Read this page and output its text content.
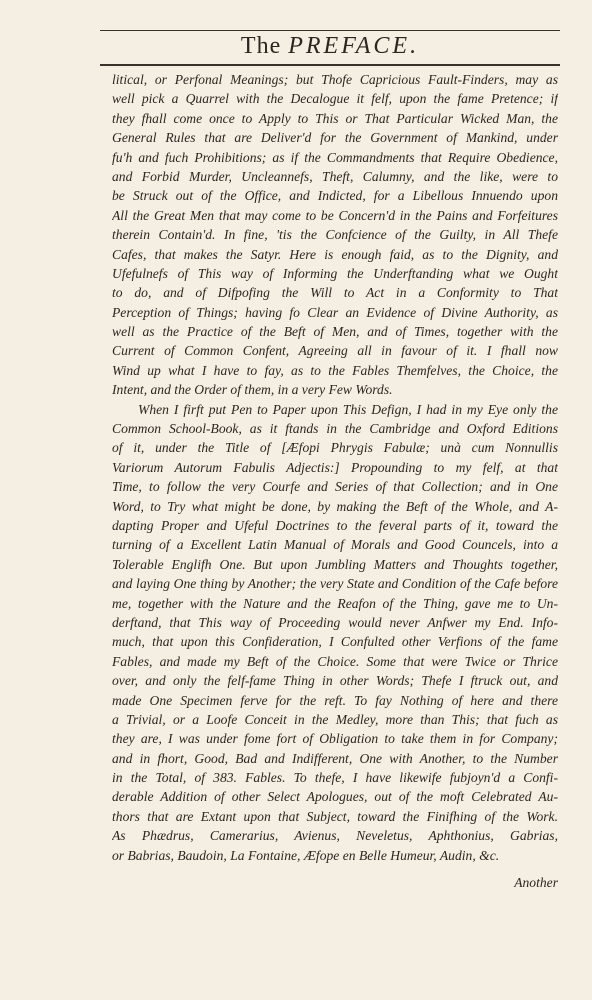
The PREFACE.
litical, or Perfonal Meanings; but Thofe Capricious Fault-Finders, may as
well pick a Quarrel with the Decalogue it felf, upon the fame Pretence; if
they fhall come once to Apply to This or That Particular Wicked Man, the
General Rules that are Deliver'd for the Government of Mankind, under
fu'h and fuch Prohibitions; as if the Commandments that Require Obedience,
and Forbid Murder, Uncleannefs, Theft, Calumny, and the like, were to
be Struck out of the Office, and Indicted, for a Libellous Innuendo upon
All the Great Men that may come to be Concern'd in the Pains and Forfeitures
therein Contain'd. In fine, 'tis the Confcience of the Guilty, in All Thefe
Cafes, that makes the Satyr. Here is enough faid, as to the Dignity, and
Ufefulnefs of This way of Informing the Underftanding what we Ought
to do, and of Difpofing the Will to Act in a Conformity to That
Perception of Things; having fo Clear an Evidence of Divine Authority, as
well as the Practice of the Beft of Men, and of Times, together with the
Current of Common Confent, Agreeing all in favour of it. I fhall now
Wind up what I have to fay, as to the Fables Themfelves, the Choice, the
Intent, and the Order of them, in a very Few Words.
When I firft put Pen to Paper upon This Defign, I had in my Eye only the
Common School-Book, as it ftands in the Cambridge and Oxford Editions
of it, under the Title of [Æfopi Phrygis Fabulæ; unà cum Nonnullis
Variorum Autorum Fabulis Adjectis:] Propounding to my felf, at that
Time, to follow the very Courfe and Series of that Collection; and in One
Word, to Try what might be done, by making the Beft of the Whole, and A-
dapting Proper and Ufeful Doctrines to the feveral parts of it, toward the
turning of a Excellent Latin Manual of Morals and Good Councels, into a
Tolerable Englifh One. But upon Jumbling Matters and Thoughts together,
and laying One thing by Another; the very State and Condition of the Cafe before
me, together with the Nature and the Reafon of the Thing, gave me to Un-
derftand, that This way of Proceeding would never Anfwer my End. Info-
much, that upon this Confideration, I Confulted other Verfions of the fame
Fables, and made my Beft of the Choice. Some that were Twice or Thrice
over, and only the felf-fame Thing in other Words; Thefe I ftruck out, and
made One Specimen ferve for the reft. To fay Nothing of here and there
a Trivial, or a Loofe Conceit in the Medley, more than This; that fuch as
they are, I was under fome fort of Obligation to take them in for Company;
and in fhort, Good, Bad and Indifferent, One with Another, to the Number
in the Total, of 383. Fables. To thefe, I have likewife fubjoyn'd a Confi-
derable Addition of other Select Apologues, out of the moft Celebrated Au-
thors that are Extant upon that Subject, toward the Finifhing of the Work.
As Phædrus, Camerarius, Avienus, Neveletus, Aphthonius, Gabrias,
or Babrias, Baudoin, La Fontaine, Æfope en Belle Humeur, Audin, &c.
Another
